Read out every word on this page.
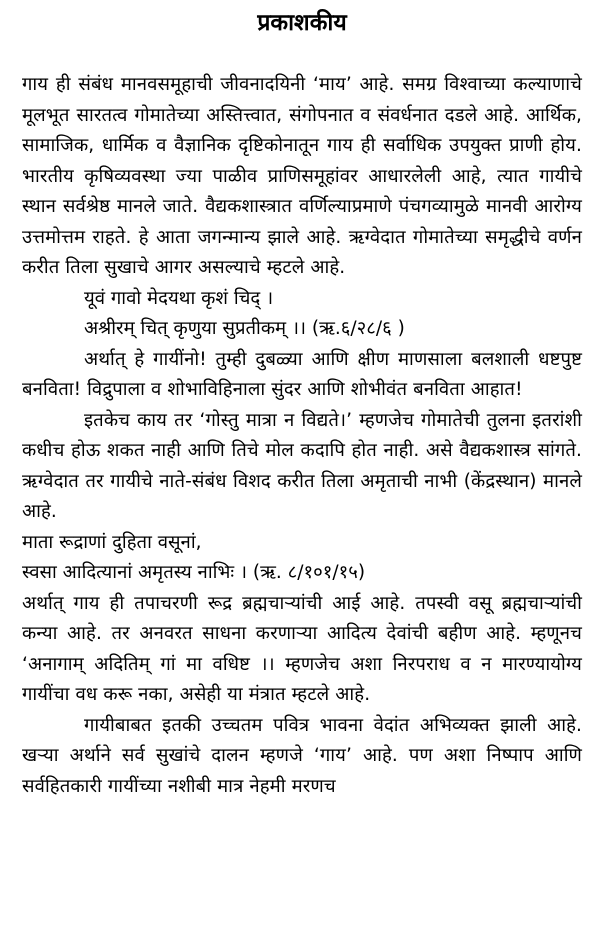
प्रकाशकीय

गाय ही संबंध मानवसमूहाची जीवनादयिनी ‘माय’ आहे. समग्र विश्वाच्या कल्याणाचे मूलभूत सारतत्व गोमातेच्या अस्तित्त्वात, संगोपनात व संवर्धनात दडले आहे. आर्थिक, सामाजिक, धार्मिक व वैज्ञानिक दृष्टिकोनातून गाय ही सर्वाधिक उपयुक्त प्राणी होय. भारतीय कृषिव्यवस्था ज्या पाळीव प्राणिसमूहांवर आधारलेली आहे, त्यात गायीचे स्थान सर्वश्रेष्ठ मानले जाते. वैद्यकशास्त्रात वर्णिल्याप्रमाणे पंचगव्यामुळे मानवी आरोग्य उत्तमोत्तम राहते. हे आता जगन्मान्य झाले आहे. ऋग्वेदात गोमातेच्या समृद्धीचे वर्णन करीत तिला सुखाचे आगर असल्याचे म्हटले आहे.

यूवं गावो मेदयथा कृशं चिद् ।

अश्रीरम् चित् कृणुया सुप्रतीकम् ।। (ऋ.६/२८/६ )

अर्थात् हे गायींनो! तुम्ही दुबळ्या आणि क्षीण माणसाला बलशाली धष्टपुष्ट बनविता! विद्रुपाला व शोभाविहिनाला सुंदर आणि शोभीवंत बनविता आहात!

इतकेच काय तर ‘गोस्तु मात्रा न विद्यते।’ म्हणजेच गोमातेची तुलना इतरांशी कधीच होऊ शकत नाही आणि तिचे मोल कदापि होत नाही. असे वैद्यकशास्त्र सांगते. ऋग्वेदात तर गायीचे नाते-संबंध विशद करीत तिला अमृताची नाभी (केंद्रस्थान) मानले आहे.

माता रूद्राणां दुहिता वसूनां,

स्वसा आदित्यानां अमृतस्य नाभिः । (ऋ. ८/१०१/१५)

अर्थात् गाय ही तपाचरणी रूद्र ब्रह्मचाऱ्यांची आई आहे. तपस्वी वसू ब्रह्मचाऱ्यांची कन्या आहे. तर अनवरत साधना करणाऱ्या आदित्य देवांची बहीण आहे. म्हणूनच ‘अनागाम् अदितिम् गां मा वधिष्ट ।। म्हणजेच अशा निरपराध व न मारण्यायोग्य गायींचा वध करू नका, असेही या मंत्रात म्हटले आहे.

गायीबाबत इतकी उच्चतम पवित्र भावना वेदांत अभिव्यक्त झाली आहे. खऱ्या अर्थाने सर्व सुखांचे दालन म्हणजे ‘गाय’ आहे. पण अशा निष्पाप आणि सर्वहितकारी गायींच्या नशीबी मात्र नेहमी मरणच
